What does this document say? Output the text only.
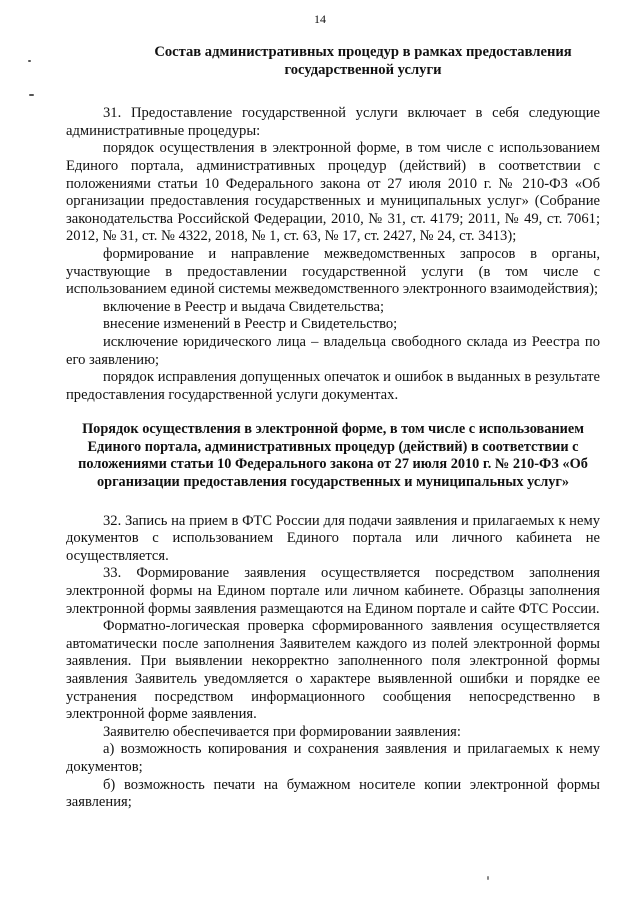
14

Состав административных процедур в рамках предоставления государственной услуги

31. Предоставление государственной услуги включает в себя следующие административные процедуры:

порядок осуществления в электронной форме, в том числе с использованием Единого портала, административных процедур (действий) в соответствии с положениями статьи 10 Федерального закона от 27 июля 2010 г. № 210-ФЗ «Об организации предоставления государственных и муниципальных услуг» (Собрание законодательства Российской Федерации, 2010, № 31, ст. 4179; 2011, № 49, ст. 7061; 2012, № 31, ст. № 4322, 2018, № 1, ст. 63, № 17, ст. 2427, № 24, ст. 3413);

формирование и направление межведомственных запросов в органы, участвующие в предоставлении государственной услуги (в том числе с использованием единой системы межведомственного электронного взаимодействия);

включение в Реестр и выдача Свидетельства;

внесение изменений в Реестр и Свидетельство;

исключение юридического лица – владельца свободного склада из Реестра по его заявлению;

порядок исправления допущенных опечаток и ошибок в выданных в результате предоставления государственной услуги документах.

Порядок осуществления в электронной форме, в том числе с использованием Единого портала, административных процедур (действий) в соответствии с положениями статьи 10 Федерального закона от 27 июля 2010 г. № 210-ФЗ «Об организации предоставления государственных и муниципальных услуг»

32. Запись на прием в ФТС России для подачи заявления и прилагаемых к нему документов с использованием Единого портала или личного кабинета не осуществляется.

33. Формирование заявления осуществляется посредством заполнения электронной формы на Едином портале или личном кабинете. Образцы заполнения электронной формы заявления размещаются на Едином портале и сайте ФТС России.

Форматно-логическая проверка сформированного заявления осуществляется автоматически после заполнения Заявителем каждого из полей электронной формы заявления. При выявлении некорректно заполненного поля электронной формы заявления Заявитель уведомляется о характере выявленной ошибки и порядке ее устранения посредством информационного сообщения непосредственно в электронной форме заявления.

Заявителю обеспечивается при формировании заявления:

а) возможность копирования и сохранения заявления и прилагаемых к нему документов;

б) возможность печати на бумажном носителе копии электронной формы заявления;
